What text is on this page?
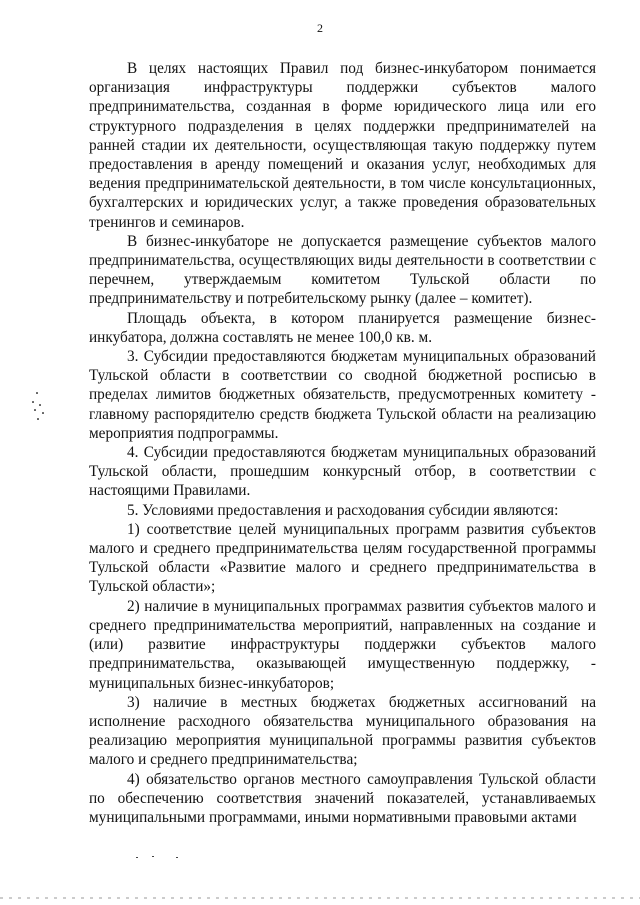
2

В целях настоящих Правил под бизнес-инкубатором понимается организация инфраструктуры поддержки субъектов малого предпринимательства, созданная в форме юридического лица или его структурного подразделения в целях поддержки предпринимателей на ранней стадии их деятельности, осуществляющая такую поддержку путем предоставления в аренду помещений и оказания услуг, необходимых для ведения предпринимательской деятельности, в том числе консультационных, бухгалтерских и юридических услуг, а также проведения образовательных тренингов и семинаров.

В бизнес-инкубаторе не допускается размещение субъектов малого предпринимательства, осуществляющих виды деятельности в соответствии с перечнем, утверждаемым комитетом Тульской области по предпринимательству и потребительскому рынку (далее – комитет).

Площадь объекта, в котором планируется размещение бизнес-инкубатора, должна составлять не менее 100,0 кв. м.

3. Субсидии предоставляются бюджетам муниципальных образований Тульской области в соответствии со сводной бюджетной росписью в пределах лимитов бюджетных обязательств, предусмотренных комитету - главному распорядителю средств бюджета Тульской области на реализацию мероприятия подпрограммы.

4. Субсидии предоставляются бюджетам муниципальных образований Тульской области, прошедшим конкурсный отбор, в соответствии с настоящими Правилами.

5. Условиями предоставления и расходования субсидии являются:

1) соответствие целей муниципальных программ развития субъектов малого и среднего предпринимательства целям государственной программы Тульской области «Развитие малого и среднего предпринимательства в Тульской области»;

2) наличие в муниципальных программах развития субъектов малого и среднего предпринимательства мероприятий, направленных на создание и (или) развитие инфраструктуры поддержки субъектов малого предпринимательства, оказывающей имущественную поддержку, - муниципальных бизнес-инкубаторов;

3) наличие в местных бюджетах бюджетных ассигнований на исполнение расходного обязательства муниципального образования на реализацию мероприятия муниципальной программы развития субъектов малого и среднего предпринимательства;

4) обязательство органов местного самоуправления Тульской области по обеспечению соответствия значений показателей, устанавливаемых муниципальными программами, иными нормативными правовыми актами
